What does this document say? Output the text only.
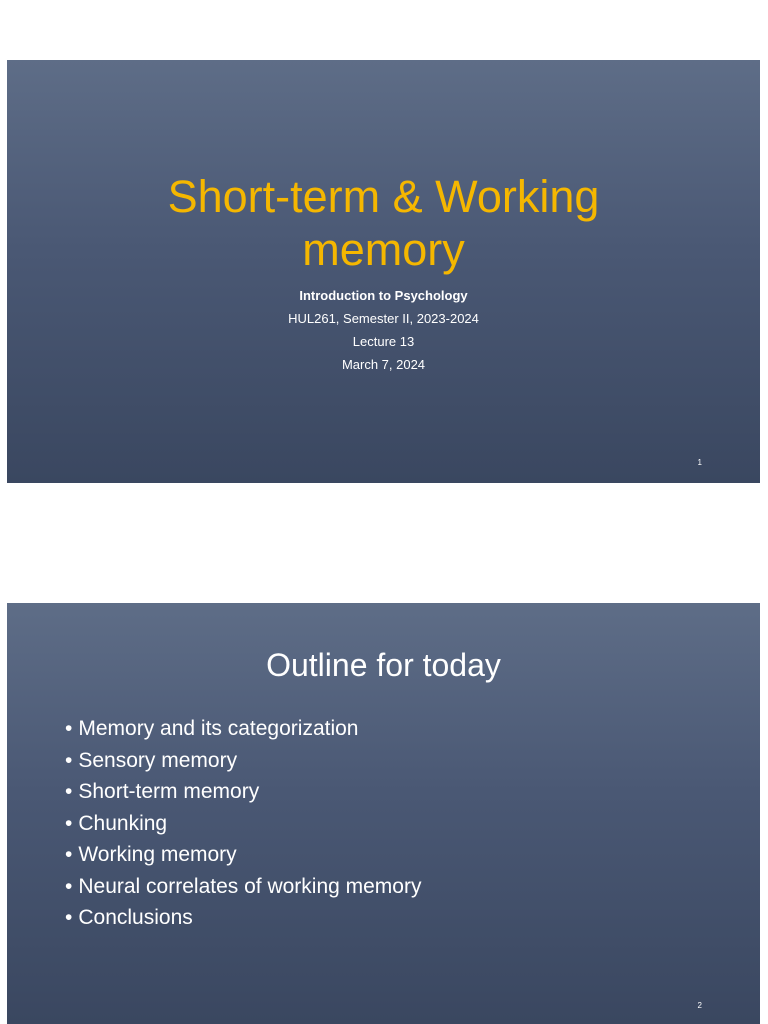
Short-term & Working
memory
Introduction to Psychology
HUL261, Semester II, 2023-2024
Lecture 13
March 7, 2024
1
Outline for today
• Memory and its categorization
• Sensory memory
• Short-term memory
• Chunking
• Working memory
• Neural correlates of working memory
• Conclusions
2
